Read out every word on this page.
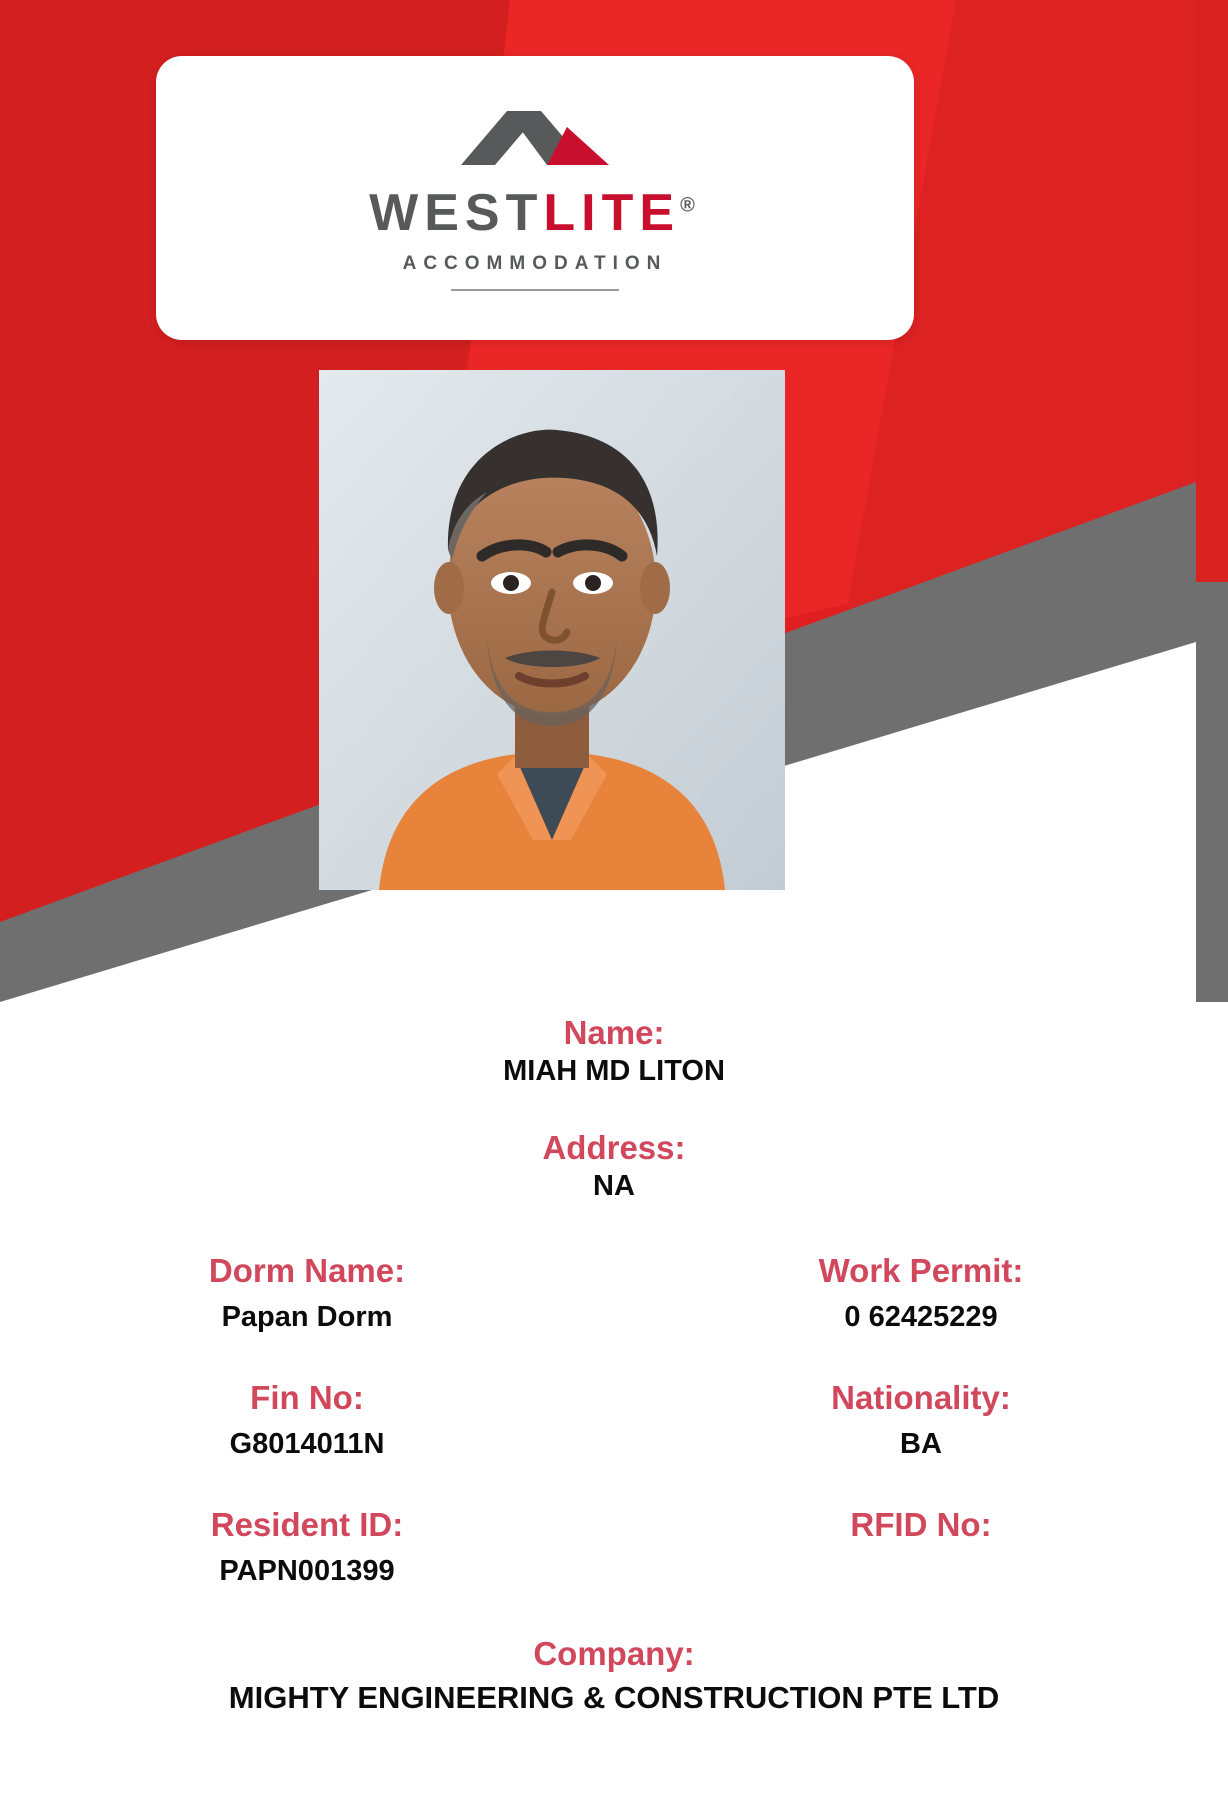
WESTLITE®
ACCOMMODATION
Name:
MIAH MD LITON
Address:
NA
Dorm Name:
Papan Dorm
Work Permit:
0 62425229
Fin No:
G8014011N
Nationality:
BA
Resident ID:
PAPN001399
RFID No:
Company:
MIGHTY ENGINEERING & CONSTRUCTION PTE LTD
